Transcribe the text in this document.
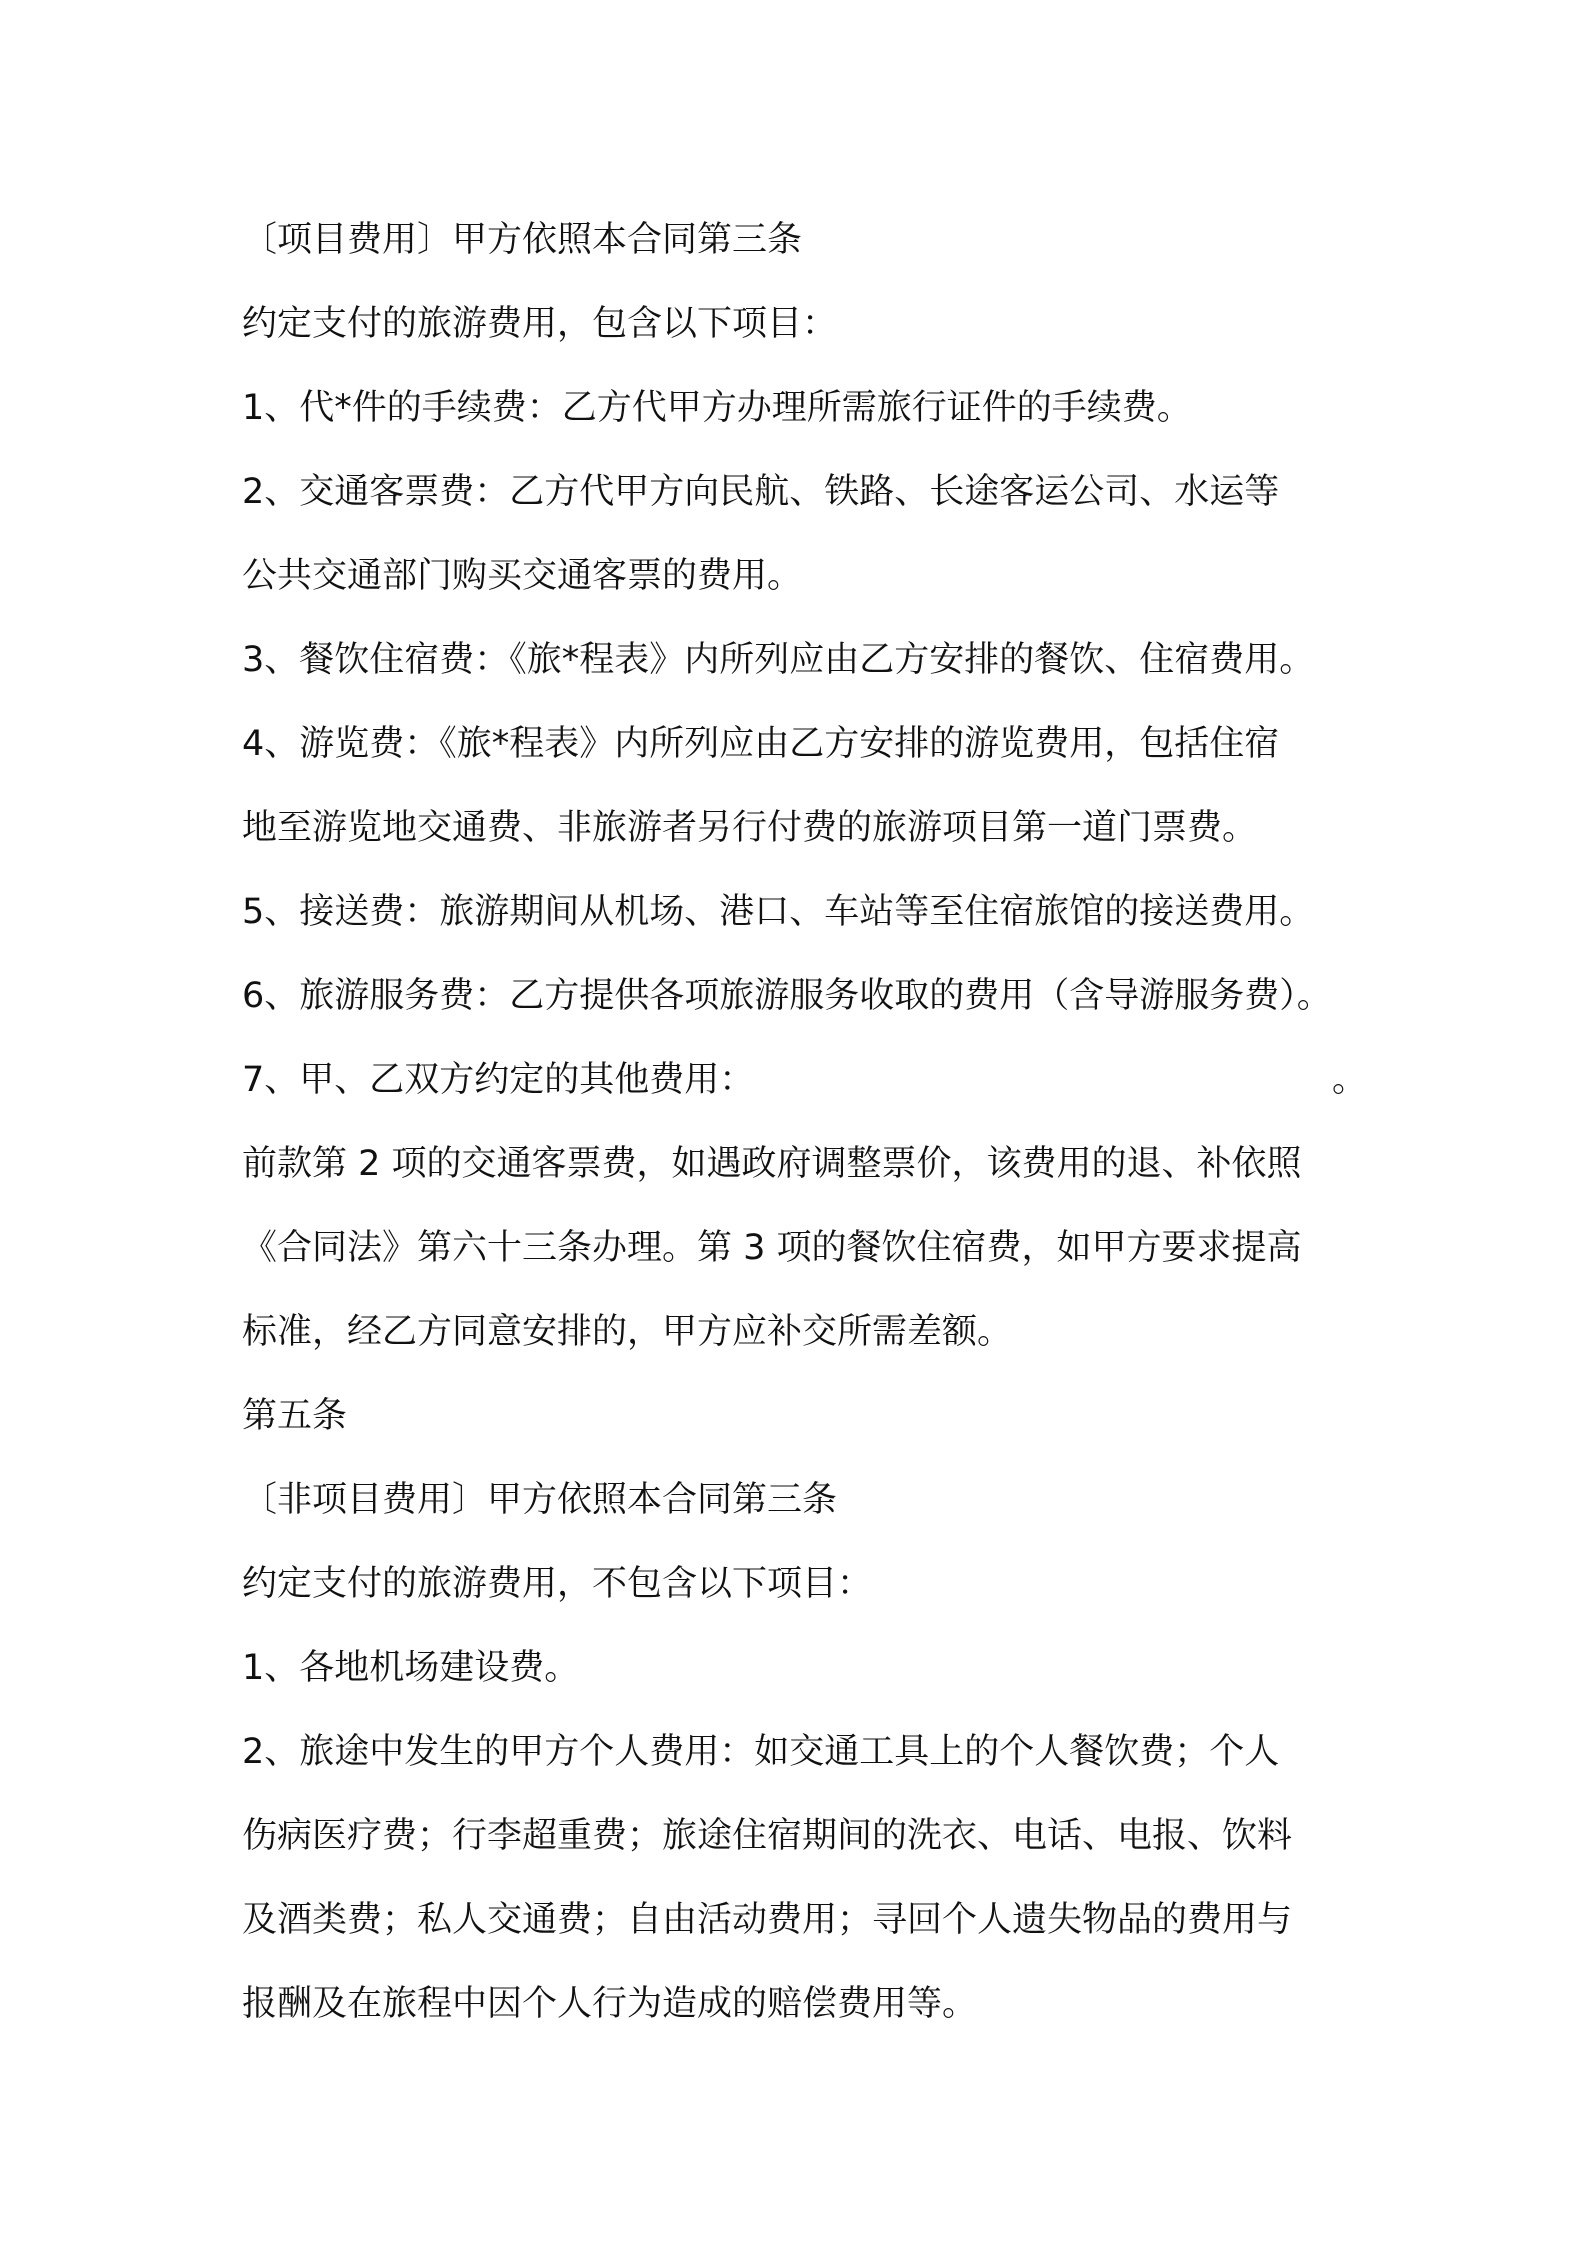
〔项目费用〕甲方依照本合同第三条
约定支付的旅游费用，包含以下项目：
1、代*件的手续费：乙方代甲方办理所需旅行证件的手续费。
2、交通客票费：乙方代甲方向民航、铁路、长途客运公司、水运等
公共交通部门购买交通客票的费用。
3、餐饮住宿费：《旅*程表》内所列应由乙方安排的餐饮、住宿费用。
4、游览费：《旅*程表》内所列应由乙方安排的游览费用，包括住宿
地至游览地交通费、非旅游者另行付费的旅游项目第一道门票费。
5、接送费：旅游期间从机场、港口、车站等至住宿旅馆的接送费用。
6、旅游服务费：乙方提供各项旅游服务收取的费用（含导游服务费）。
7、甲、乙双方约定的其他费用：	。
前款第 2 项的交通客票费，如遇政府调整票价，该费用的退、补依照
《合同法》第六十三条办理。第 3 项的餐饮住宿费，如甲方要求提高
标准，经乙方同意安排的，甲方应补交所需差额。
第五条
〔非项目费用〕甲方依照本合同第三条
约定支付的旅游费用，不包含以下项目：
1、各地机场建设费。
2、旅途中发生的甲方个人费用：如交通工具上的个人餐饮费；个人
伤病医疗费；行李超重费；旅途住宿期间的洗衣、电话、电报、饮料
及酒类费；私人交通费；自由活动费用；寻回个人遗失物品的费用与
报酬及在旅程中因个人行为造成的赔偿费用等。
